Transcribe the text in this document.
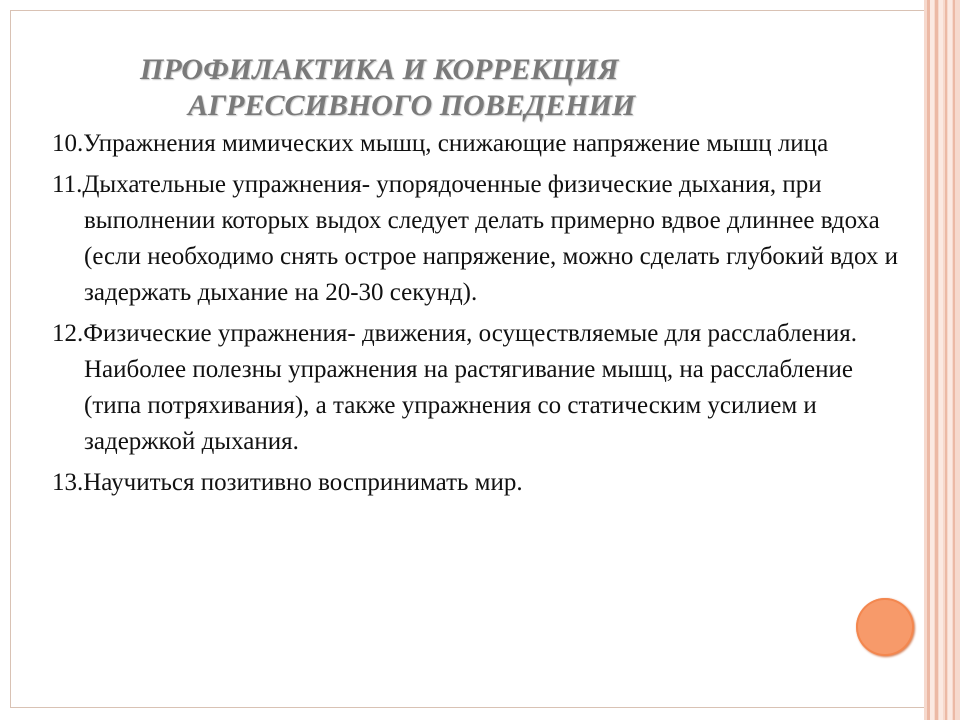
ПРОФИЛАКТИКА И КОРРЕКЦИЯ
АГРЕССИВНОГО ПОВЕДЕНИИ
10.Упражнения мимических мышц, снижающие напряжение мышц лица
11.Дыхательные упражнения- упорядоченные физические дыхания, при выполнении которых выдох следует делать примерно вдвое длиннее вдоха (если необходимо снять острое напряжение, можно сделать глубокий вдох и задержать дыхание на 20-30 секунд).
12.Физические упражнения- движения, осуществляемые для расслабления. Наиболее полезны упражнения на растягивание мышц, на расслабление (типа потряхивания), а также упражнения со статическим усилием и задержкой дыхания.
13.Научиться позитивно воспринимать мир.
